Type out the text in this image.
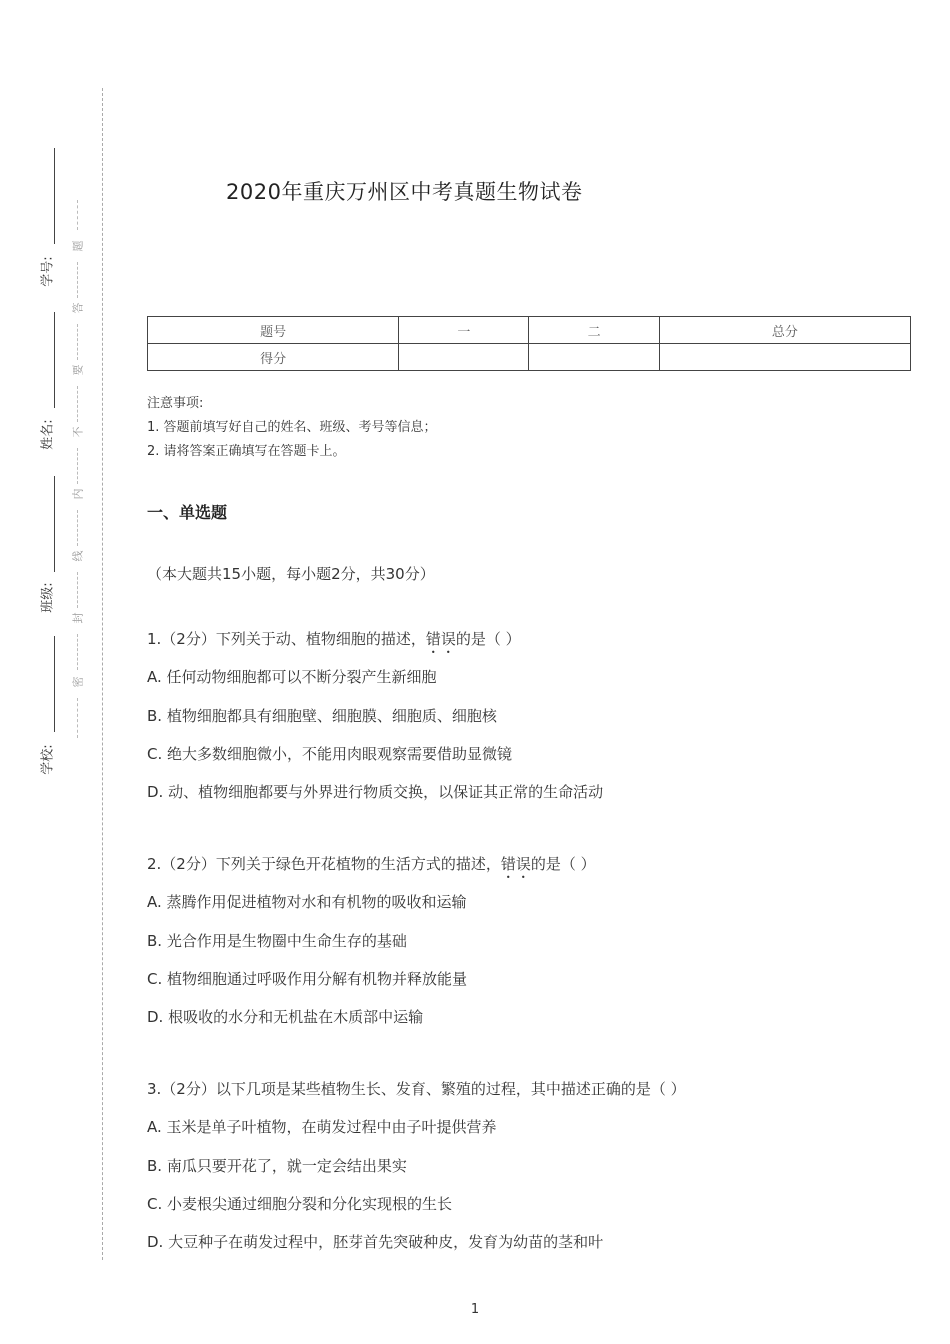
题
答
要
不
内
线
封
密
学号:
姓名:
班级:
学校:
2020年重庆万州区中考真题生物试卷
题号	一	二	总分
得分			
注意事项:
1. 答题前填写好自己的姓名、班级、考号等信息；
2. 请将答案正确填写在答题卡上。
一、单选题
（本大题共15小题，每小题2分，共30分）
1.（2分）下列关于动、植物细胞的描述，错误的是（ ）
A. 任何动物细胞都可以不断分裂产生新细胞
B. 植物细胞都具有细胞壁、细胞膜、细胞质、细胞核
C. 绝大多数细胞微小，不能用肉眼观察需要借助显微镜
D. 动、植物细胞都要与外界进行物质交换，以保证其正常的生命活动
2.（2分）下列关于绿色开花植物的生活方式的描述，错误的是（ ）
A. 蒸腾作用促进植物对水和有机物的吸收和运输
B. 光合作用是生物圈中生命生存的基础
C. 植物细胞通过呼吸作用分解有机物并释放能量
D. 根吸收的水分和无机盐在木质部中运输
3.（2分）以下几项是某些植物生长、发育、繁殖的过程，其中描述正确的是（ ）
A. 玉米是单子叶植物，在萌发过程中由子叶提供营养
B. 南瓜只要开花了，就一定会结出果实
C. 小麦根尖通过细胞分裂和分化实现根的生长
D. 大豆种子在萌发过程中，胚芽首先突破种皮，发育为幼苗的茎和叶
1
